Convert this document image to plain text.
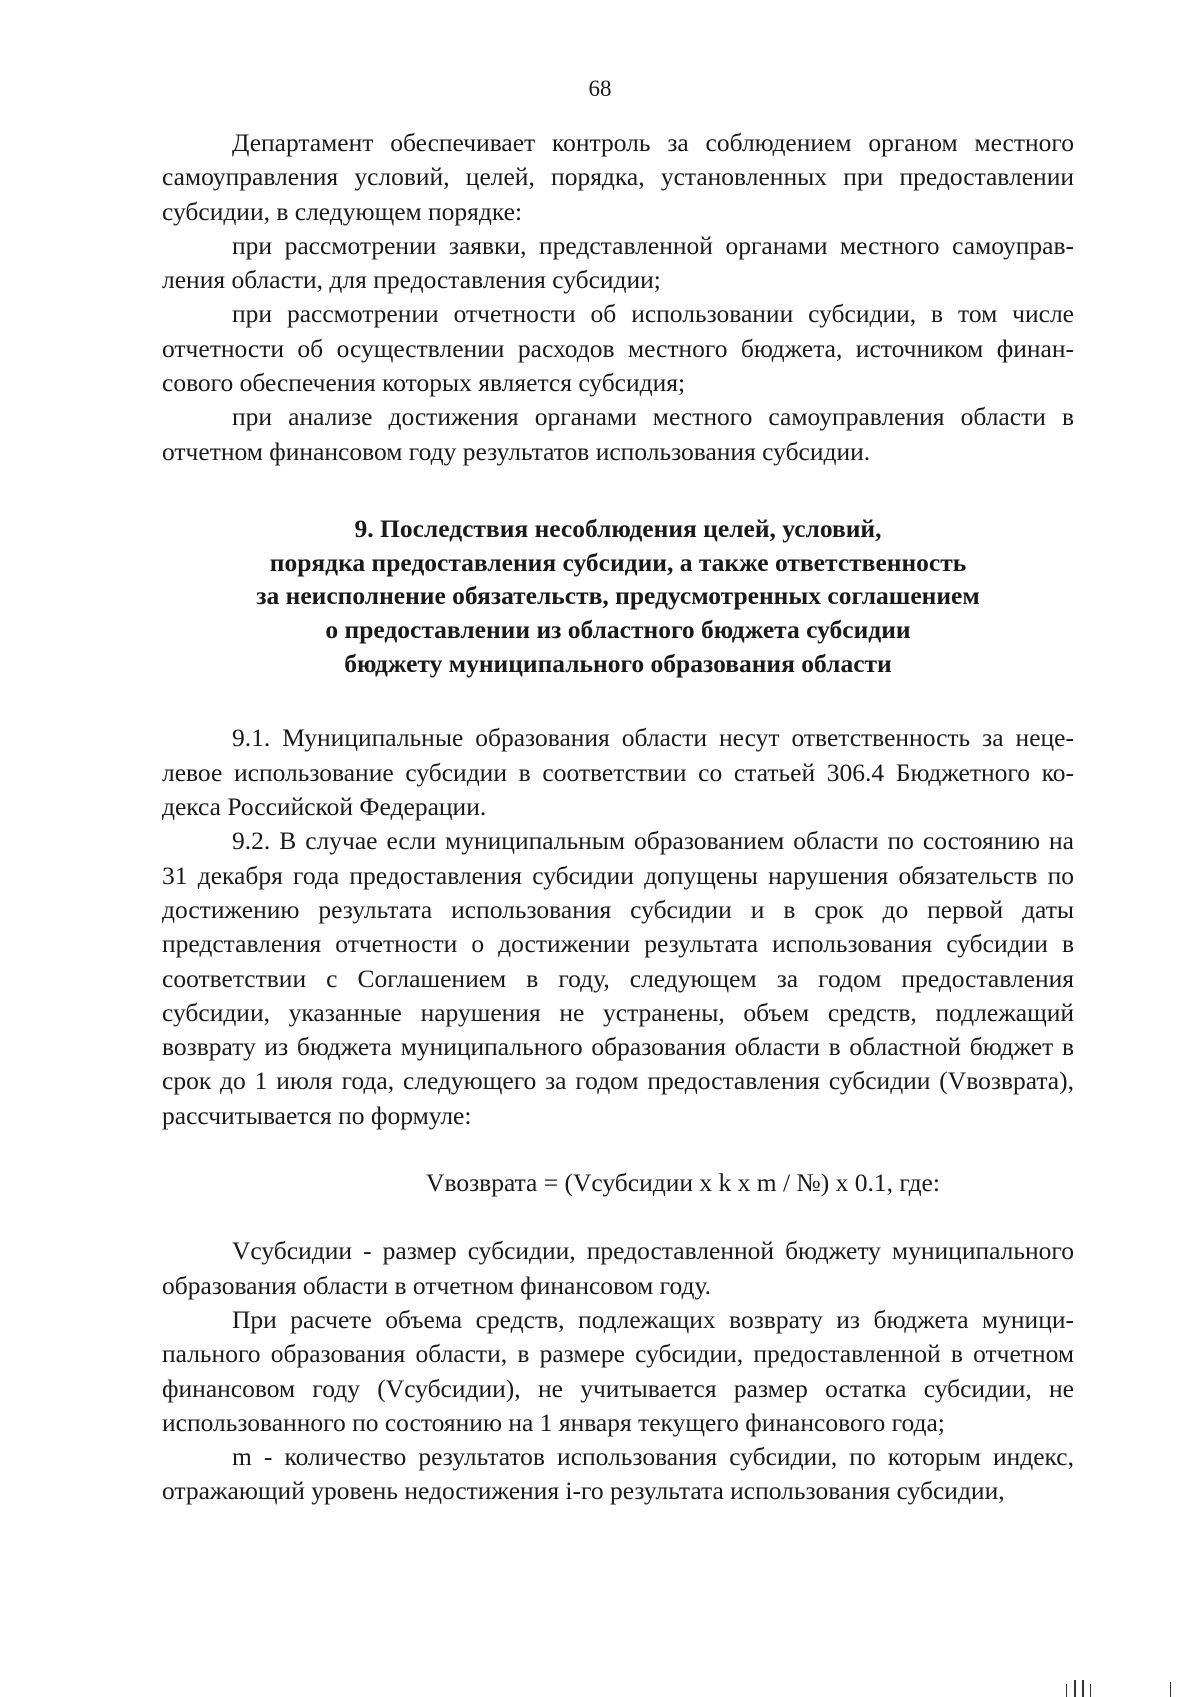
68

Департамент обеспечивает контроль за соблюдением органом местного самоуправления условий, целей, порядка, установленных при предоставлении субсидии, в следующем порядке:

при рассмотрении заявки, представленной органами местного самоуправления области, для предоставления субсидии;

при рассмотрении отчетности об использовании субсидии, в том числе отчетности об осуществлении расходов местного бюджета, источником финансового обеспечения которых является субсидия;

при анализе достижения органами местного самоуправления области в отчетном финансовом году результатов использования субсидии.

9. Последствия несоблюдения целей, условий,
порядка предоставления субсидии, а также ответственность
за неисполнение обязательств, предусмотренных соглашением
о предоставлении из областного бюджета субсидии
бюджету муниципального образования области

9.1. Муниципальные образования области несут ответственность за нецелевое использование субсидии в соответствии со статьей 306.4 Бюджетного кодекса Российской Федерации.

9.2. В случае если муниципальным образованием области по состоянию на 31 декабря года предоставления субсидии допущены нарушения обязательств по достижению результата использования субсидии и в срок до первой даты представления отчетности о достижении результата использования субсидии в соответствии с Соглашением в году, следующем за годом предоставления субсидии, указанные нарушения не устранены, объем средств, подлежащий возврату из бюджета муниципального образования области в областной бюджет в срок до 1 июля года, следующего за годом предоставления субсидии (Vвозврата), рассчитывается по формуле:

Vвозврата = (Vсубсидии x k x m / №) x 0.1, где:

Vсубсидии - размер субсидии, предоставленной бюджету муниципального образования области в отчетном финансовом году.

При расчете объема средств, подлежащих возврату из бюджета муниципального образования области, в размере субсидии, предоставленной в отчетном финансовом году (Vсубсидии), не учитывается размер остатка субсидии, не использованного по состоянию на 1 января текущего финансового года;

m - количество результатов использования субсидии, по которым индекс, отражающий уровень недостижения i-го результата использования субсидии,
